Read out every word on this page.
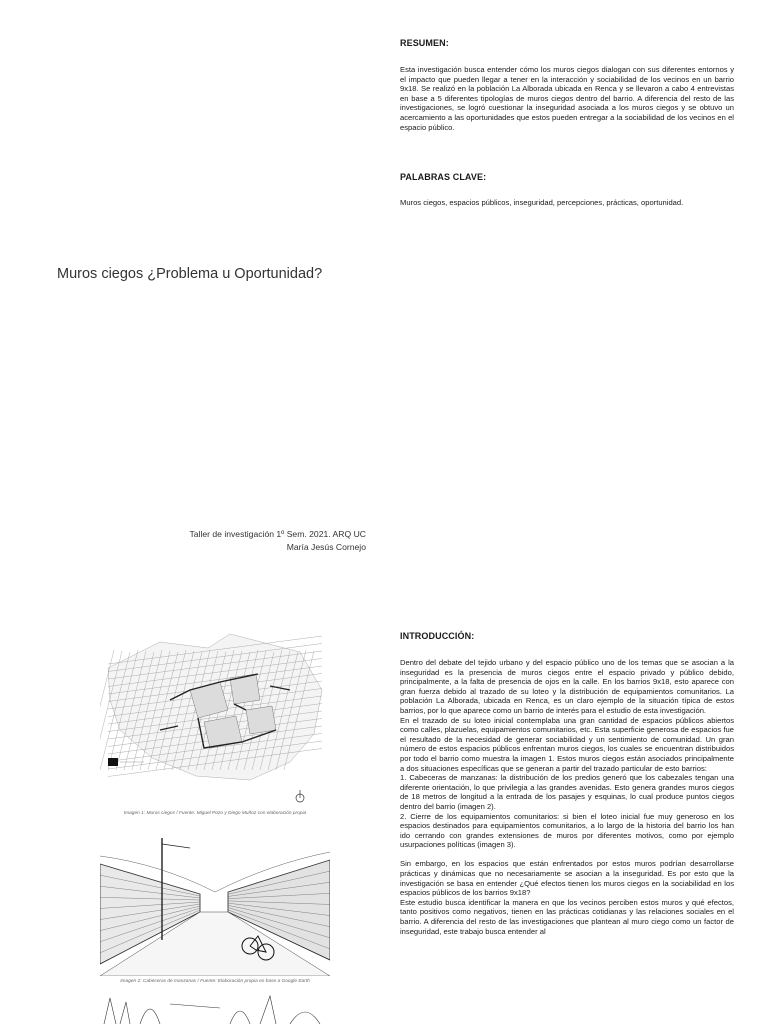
RESUMEN:
Esta investigación busca entender cómo los muros ciegos dialogan con sus diferentes entornos y el impacto que pueden llegar a tener en la interacción y sociabilidad de los vecinos en un barrio 9x18. Se realizó en la población La Alborada ubicada en Renca y se llevaron a cabo 4 entrevistas en base a 5 diferentes tipologías de muros ciegos dentro del barrio. A diferencia del resto de las investigaciones, se logró cuestionar la inseguridad asociada a los muros ciegos y se obtuvo un acercamiento a las oportunidades que estos pueden entregar a la sociabilidad de los vecinos en el espacio público.
PALABRAS CLAVE:
Muros ciegos, espacios públicos, inseguridad, percepciones, prácticas, oportunidad.
Muros ciegos ¿Problema u Oportunidad?
Taller de investigación 1º Sem. 2021. ARQ UC
María Jesús Cornejo
INTRODUCCIÓN:

Dentro del debate del tejido urbano y del espacio público uno de los temas que se asocian a la inseguridad es la presencia de muros ciegos entre el espacio privado y público debido, principalmente, a la falta de presencia de ojos en la calle. En los barrios 9x18, esto aparece con gran fuerza debido al trazado de su loteo y la distribución de equipamientos comunitarios. La población La Alborada, ubicada en Renca, es un claro ejemplo de la situación típica de estos barrios, por lo que aparece como un barrio de interés para el estudio de esta investigación.

En el trazado de su loteo inicial contemplaba una gran cantidad de espacios públicos abiertos como calles, plazuelas, equipamientos comunitarios, etc. Esta superficie generosa de espacios fue el resultado de la necesidad de generar sociabilidad y un sentimiento de comunidad. Un gran número de estos espacios públicos enfrentan muros ciegos, los cuales se encuentran distribuidos por todo el barrio como muestra la imagen 1. Estos muros ciegos están asociados principalmente a dos situaciones específicas que se generan a partir del trazado particular de esto barrios:

1. Cabeceras de manzanas: la distribución de los predios generó que los cabezales tengan una diferente orientación, lo que privilegia a las grandes avenidas. Esto genera grandes muros ciegos de 18 metros de longitud a la entrada de los pasajes y esquinas, lo cual produce puntos ciegos dentro del barrio (imagen 2).

2. Cierre de los equipamientos comunitarios: si bien el loteo inicial fue muy generoso en los espacios destinados para equipamientos comunitarios, a lo largo de la historia del barrio los han ido cerrando con grandes extensiones de muros por diferentes motivos, como por ejemplo usurpaciones políticas (imagen 3).

Sin embargo, en los espacios que están enfrentados por estos muros podrían desarrollarse prácticas y dinámicas que no necesariamente se asocian a la inseguridad. Es por esto que la investigación se basa en entender ¿Qué efectos tienen los muros ciegos en la sociabilidad en los espacios públicos de los barrios 9x18?

Este estudio busca identificar la manera en que los vecinos perciben estos muros y qué efectos, tanto positivos como negativos, tienen en las prácticas cotidianas y las relaciones sociales en el barrio. A diferencia del resto de las investigaciones que plantean al muro ciego como un factor de inseguridad, este trabajo busca entender al

Imagen 1: Muros ciegos / Fuente: Miguel Pozo y Diego Muñoz con elaboración propia
Imagen 2: Cabeceras de manzanas / Fuente: Elaboración propia en base a Google Earth
